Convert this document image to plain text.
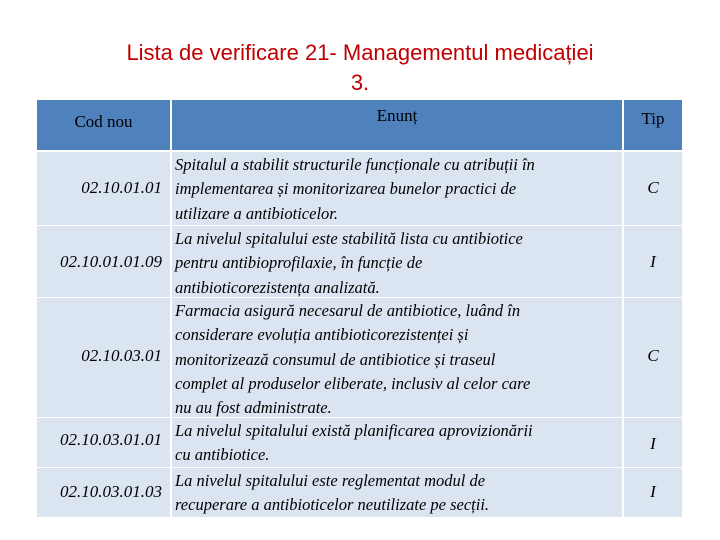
Lista de verificare 21- Managementul medicației
3.
Cod nou	Enunț	Tip
02.10.01.01
Spitalul a stabilit structurile funcționale cu atribuții în
implementarea și monitorizarea bunelor practici de
utilizare a antibioticelor.
C
02.10.01.01.09
La nivelul spitalului este stabilită lista cu antibiotice
pentru antibioprofilaxie, în funcție de
antibioticorezistența analizată.
I
02.10.03.01
Farmacia asigură necesarul de antibiotice, luând în
considerare evoluția antibioticorezistenței și
monitorizează consumul de antibiotice și traseul
complet al produselor eliberate, inclusiv al celor care
nu au fost administrate.
C
02.10.03.01.01 La nivelul spitalului există planificarea aprovizionării
cu antibiotice.
I
02.10.03.01.03
La nivelul spitalului este reglementat modul de
recuperare a antibioticelor neutilizate pe secții.
I
